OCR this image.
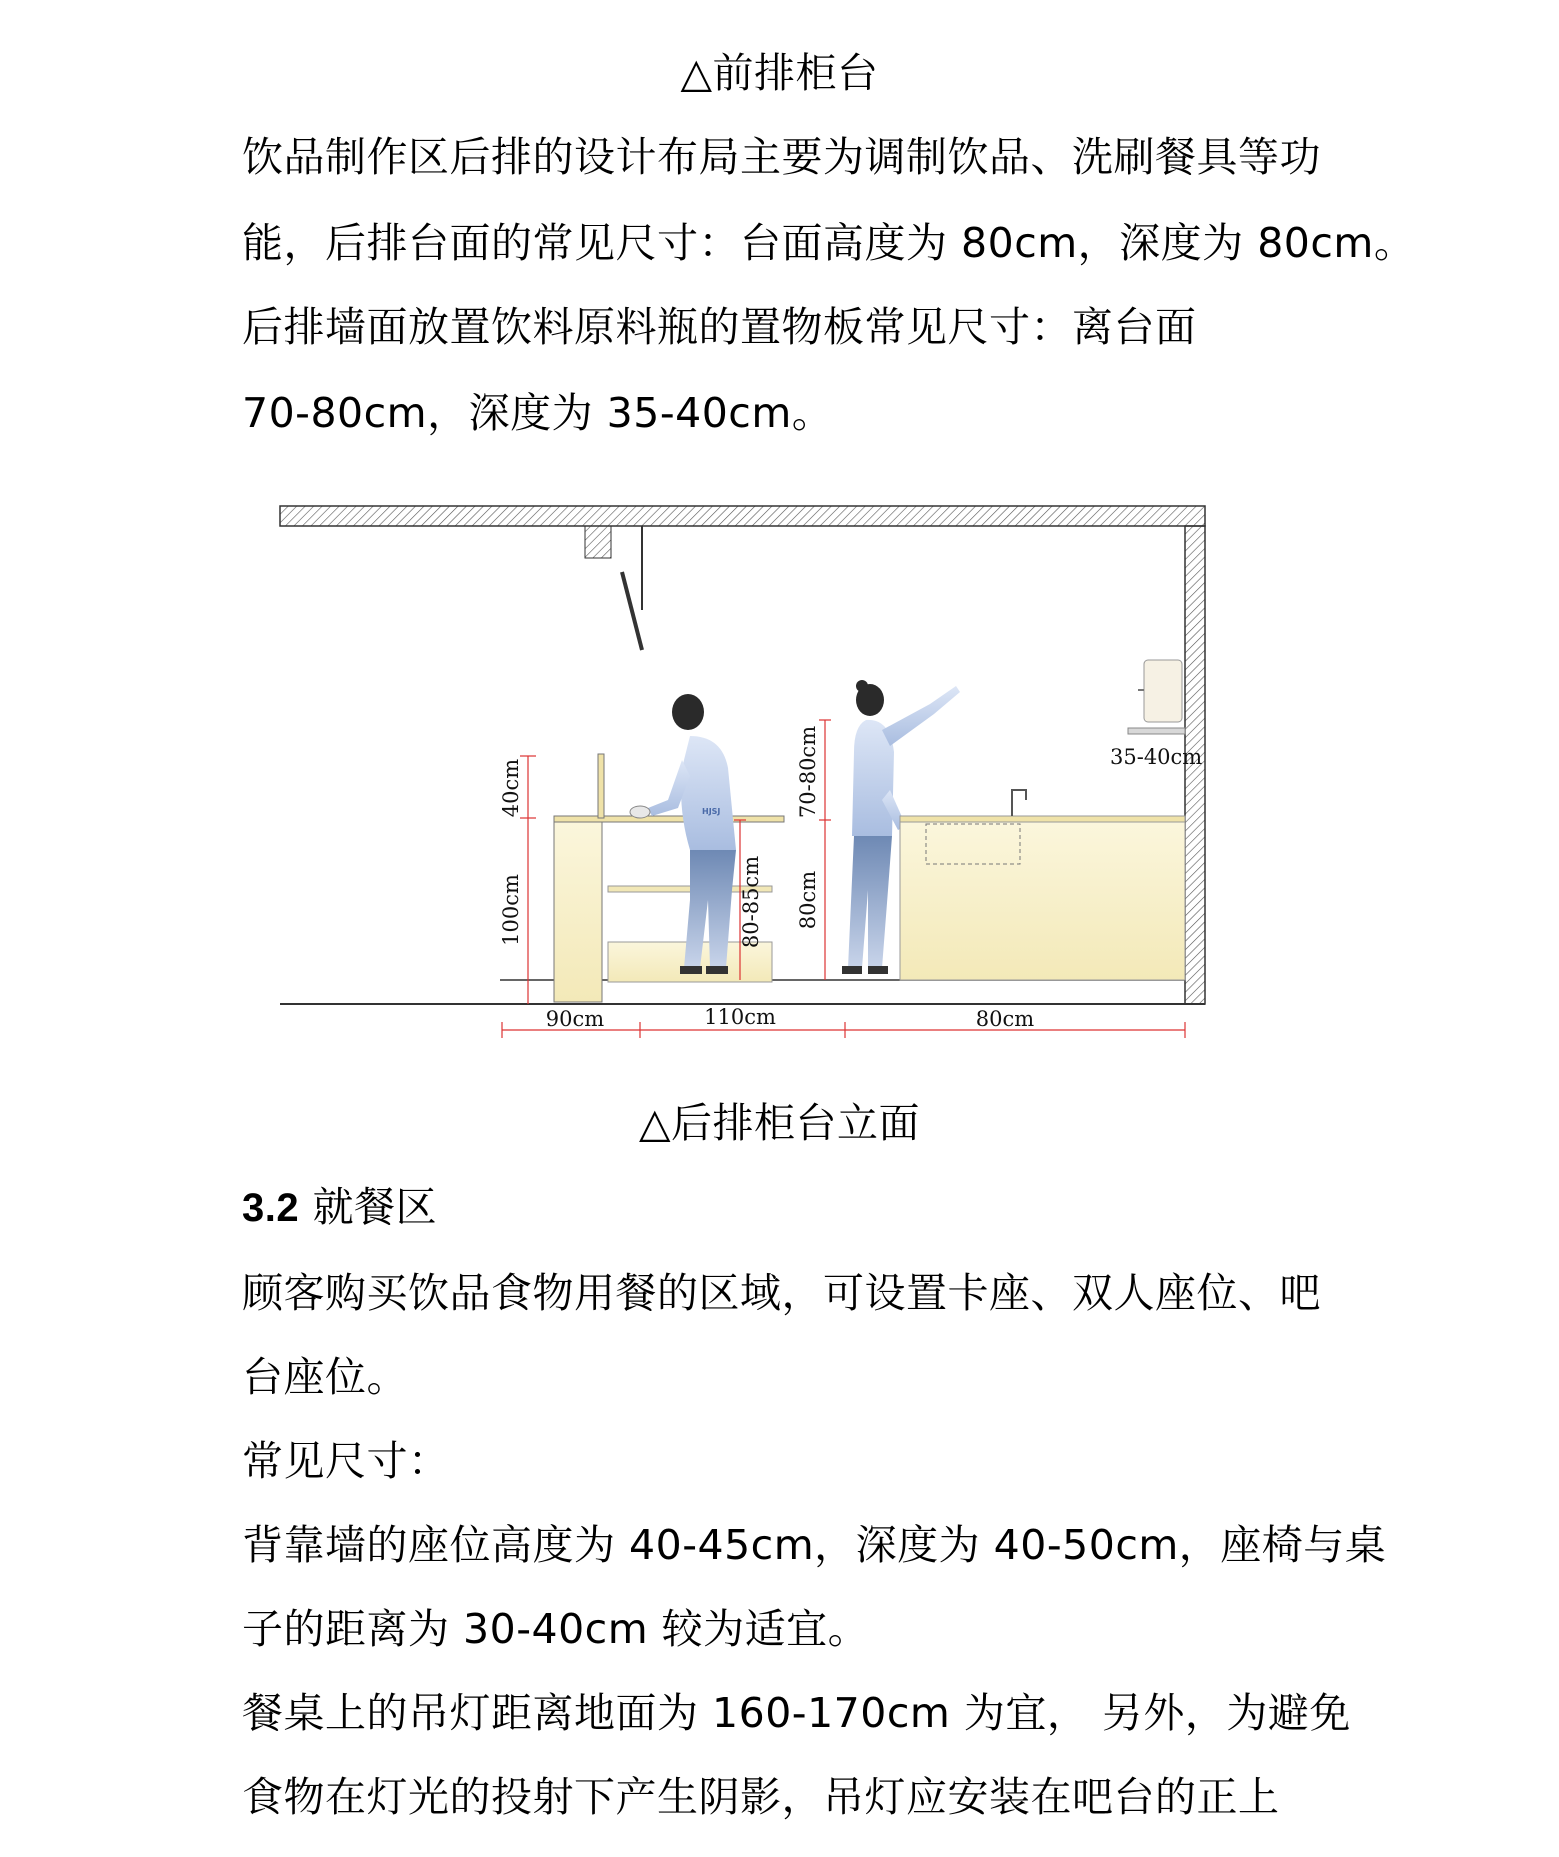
△前排柜台
饮品制作区后排的设计布局主要为调制饮品、洗刷餐具等功
能，后排台面的常见尺寸：台面高度为 80cm，深度为 80cm。
后排墙面放置饮料原料瓶的置物板常见尺寸：离台面
70-80cm，深度为 35-40cm。
40cm
100cm
HJSJ
80-85cm
70-80cm
80cm
35-40cm
90cm	110cm	80cm
△后排柜台立面
3.2 就餐区
顾客购买饮品食物用餐的区域，可设置卡座、双人座位、吧
台座位。
常见尺寸：
背靠墙的座位高度为 40-45cm，深度为 40-50cm，座椅与桌
子的距离为 30-40cm 较为适宜。
餐桌上的吊灯距离地面为 160-170cm 为宜， 另外，为避免
食物在灯光的投射下产生阴影，吊灯应安装在吧台的正上
